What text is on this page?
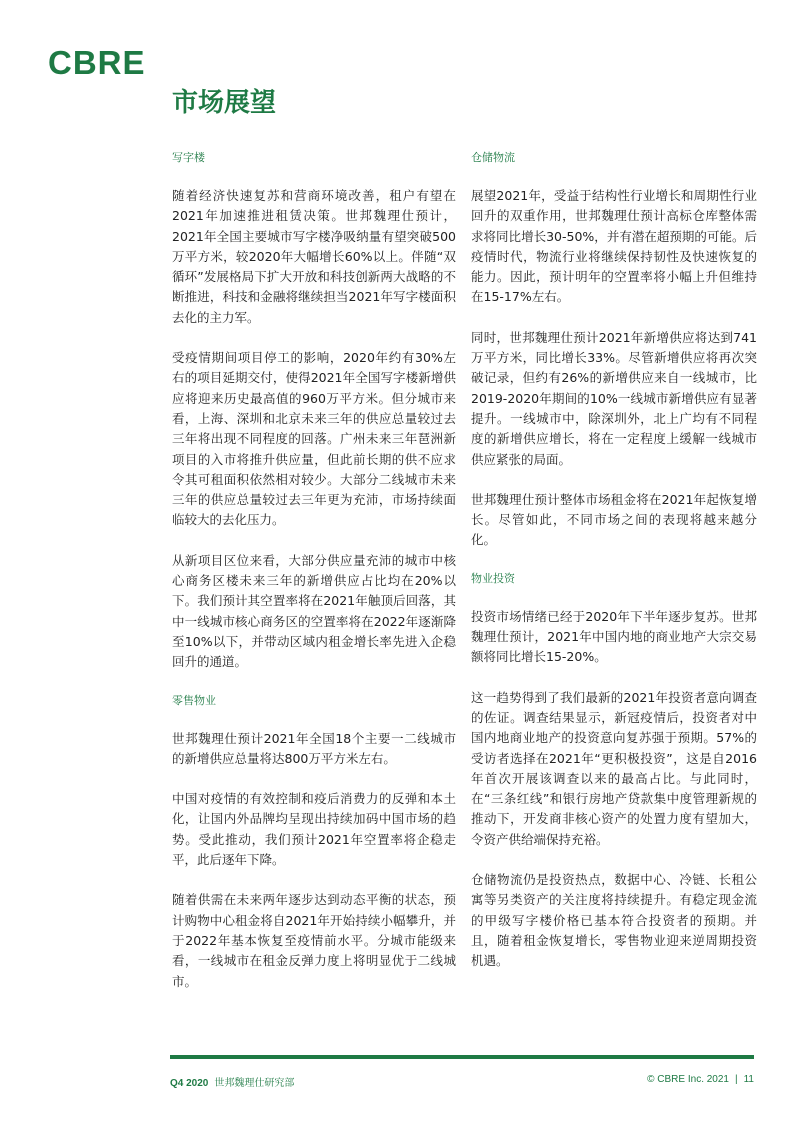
CBRE
市场展望
写字楼

随着经济快速复苏和营商环境改善，租户有望在2021年加速推进租赁决策。世邦魏理仕预计，2021年全国主要城市写字楼净吸纳量有望突破500万平方米，较2020年大幅增长60%以上。伴随“双循环”发展格局下扩大开放和科技创新两大战略的不断推进，科技和金融将继续担当2021年写字楼面积去化的主力军。

受疫情期间项目停工的影响，2020年约有30%左右的项目延期交付，使得2021年全国写字楼新增供应将迎来历史最高值的960万平方米。但分城市来看，上海、深圳和北京未来三年的供应总量较过去三年将出现不同程度的回落。广州未来三年琶洲新项目的入市将推升供应量，但此前长期的供不应求令其可租面积依然相对较少。大部分二线城市未来三年的供应总量较过去三年更为充沛，市场持续面临较大的去化压力。

从新项目区位来看，大部分供应量充沛的城市中核心商务区楼未来三年的新增供应占比均在20%以下。我们预计其空置率将在2021年触顶后回落，其中一线城市核心商务区的空置率将在2022年逐渐降至10%以下，并带动区域内租金增长率先进入企稳回升的通道。

零售物业

世邦魏理仕预计2021年全国18个主要一二线城市的新增供应总量将达800万平方米左右。

中国对疫情的有效控制和疫后消费力的反弹和本土化，让国内外品牌均呈现出持续加码中国市场的趋势。受此推动，我们预计2021年空置率将企稳走平，此后逐年下降。

随着供需在未来两年逐步达到动态平衡的状态，预计购物中心租金将自2021年开始持续小幅攀升，并于2022年基本恢复至疫情前水平。分城市能级来看，一线城市在租金反弹力度上将明显优于二线城市。

仓储物流

展望2021年，受益于结构性行业增长和周期性行业回升的双重作用，世邦魏理仕预计高标仓库整体需求将同比增长30-50%，并有潜在超预期的可能。后疫情时代，物流行业将继续保持韧性及快速恢复的能力。因此，预计明年的空置率将小幅上升但维持在15-17%左右。

同时，世邦魏理仕预计2021年新增供应将达到741万平方米，同比增长33%。尽管新增供应将再次突破记录，但约有26%的新增供应来自一线城市，比2019-2020年期间的10%一线城市新增供应有显著提升。一线城市中，除深圳外，北上广均有不同程度的新增供应增长，将在一定程度上缓解一线城市供应紧张的局面。

世邦魏理仕预计整体市场租金将在2021年起恢复增长。尽管如此，不同市场之间的表现将越来越分化。

物业投资

投资市场情绪已经于2020年下半年逐步复苏。世邦魏理仕预计，2021年中国内地的商业地产大宗交易额将同比增长15-20%。

这一趋势得到了我们最新的2021年投资者意向调查的佐证。调查结果显示，新冠疫情后，投资者对中国内地商业地产的投资意向复苏强于预期。57%的受访者选择在2021年“更积极投资”，这是自2016年首次开展该调查以来的最高占比。与此同时，在“三条红线”和银行房地产贷款集中度管理新规的推动下，开发商非核心资产的处置力度有望加大，令资产供给端保持充裕。

仓储物流仍是投资热点，数据中心、冷链、长租公寓等另类资产的关注度将持续提升。有稳定现金流的甲级写字楼价格已基本符合投资者的预期。并且，随着租金恢复增长，零售物业迎来逆周期投资机遇。

Q4 2020 世邦魏理仕研究部	© CBRE Inc. 2021 | 11
